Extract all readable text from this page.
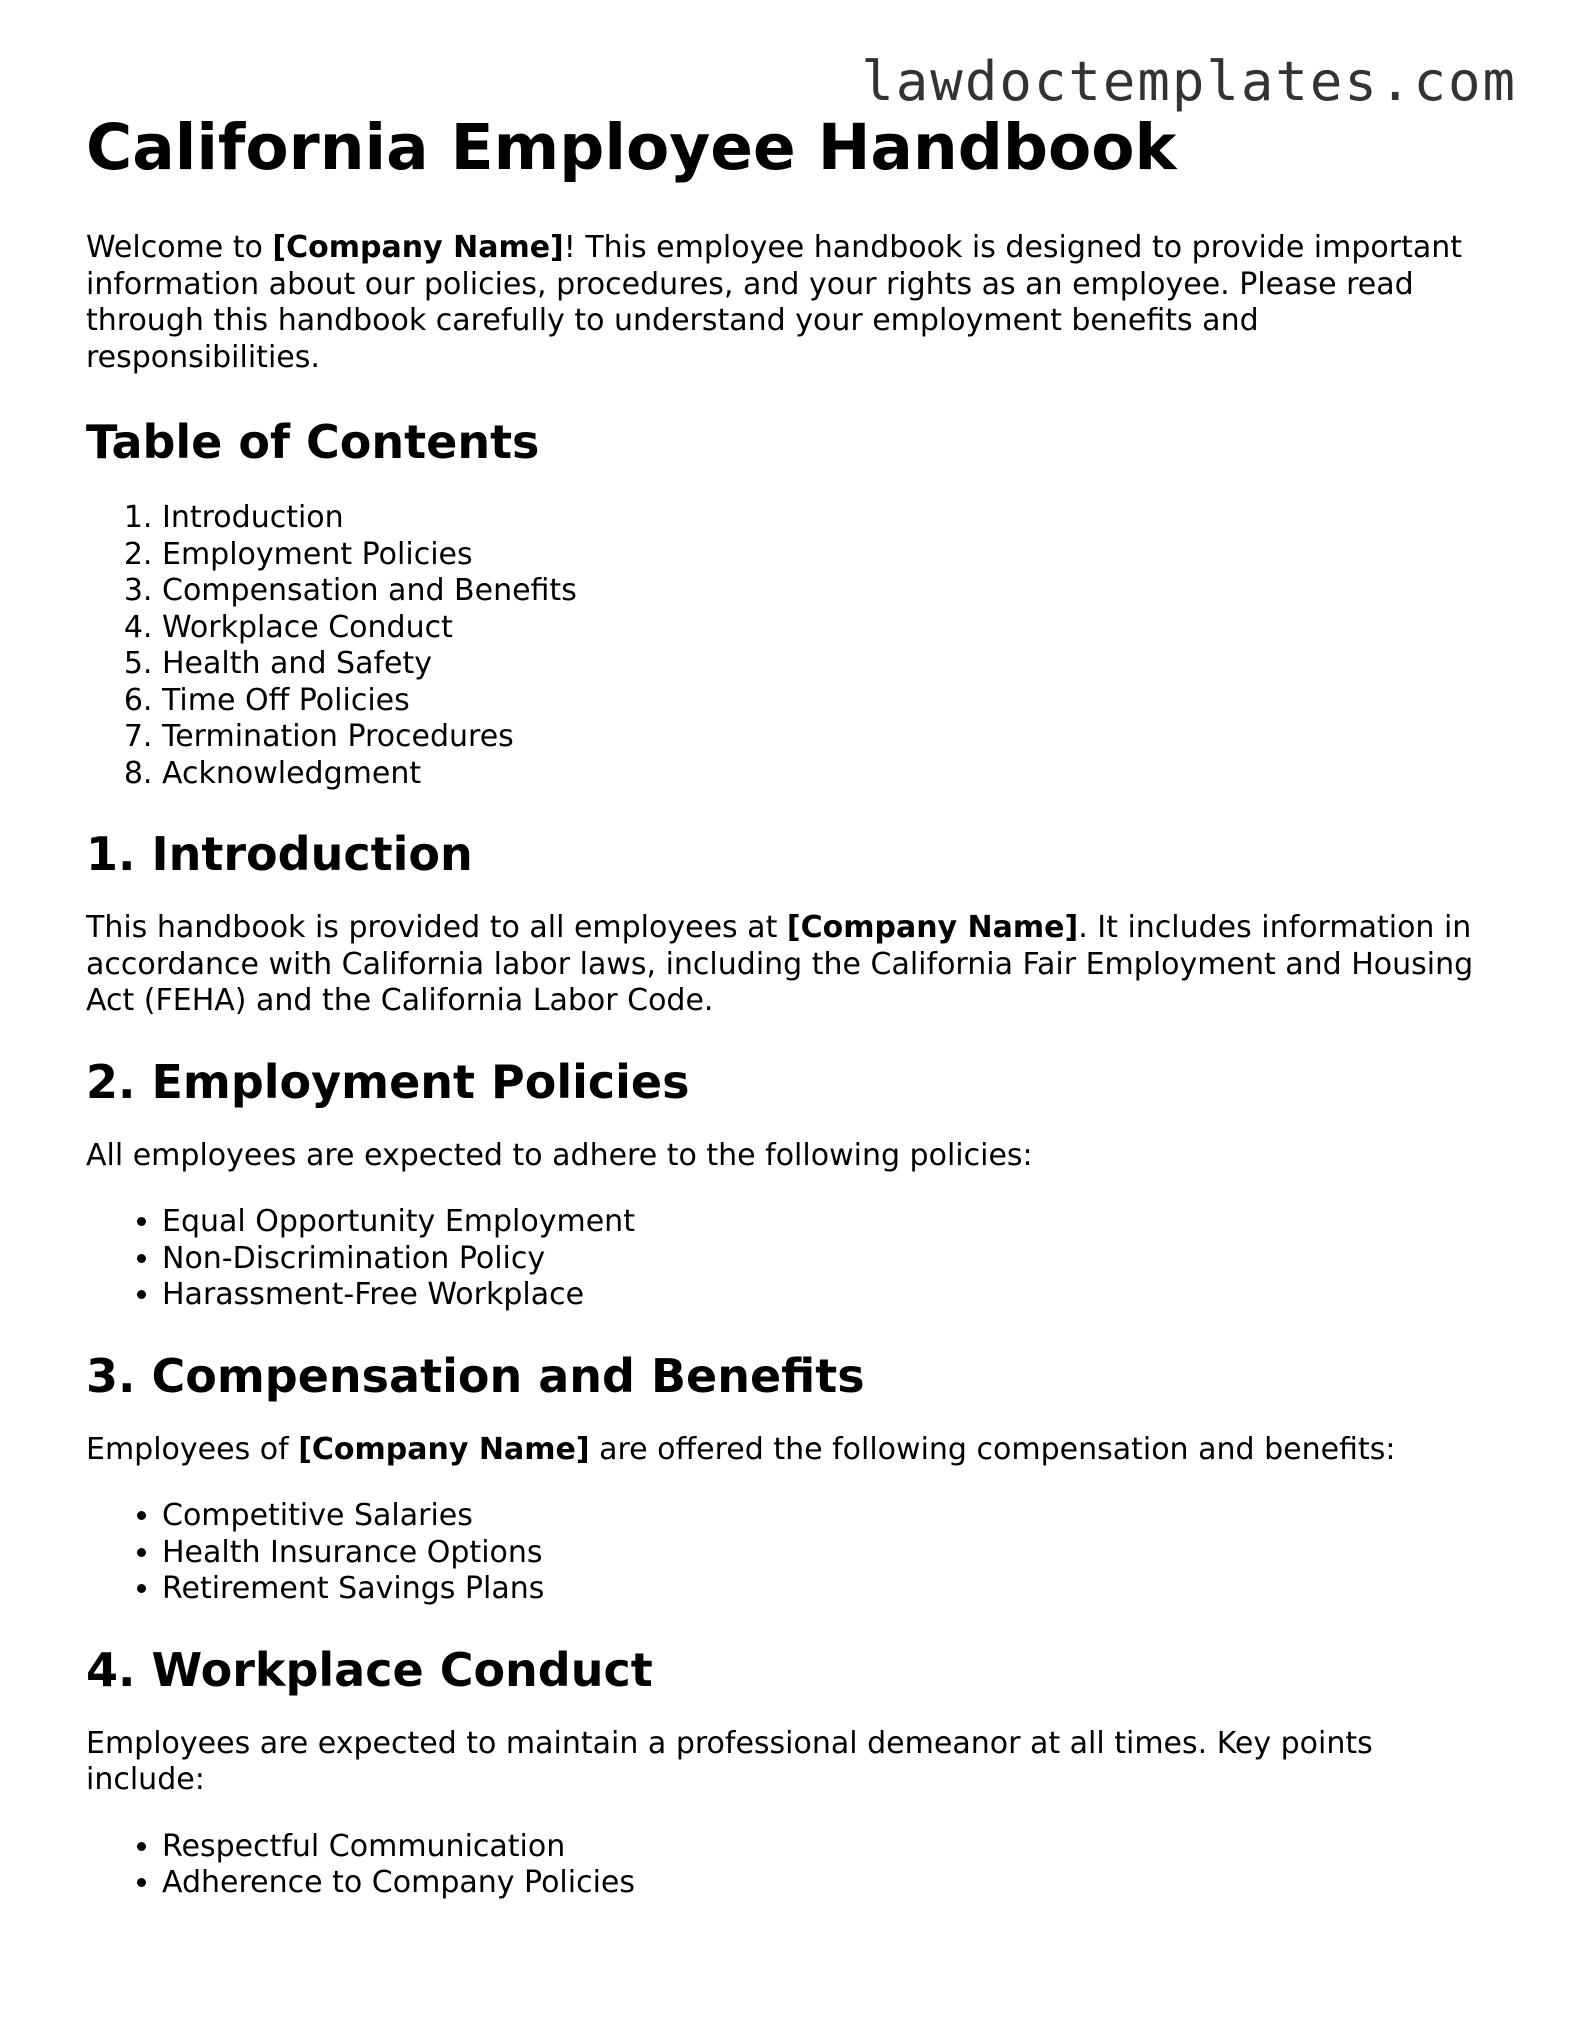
lawdoctemplates.com
California Employee Handbook

Welcome to [Company Name]! This employee handbook is designed to provide important information about our policies, procedures, and your rights as an employee. Please read through this handbook carefully to understand your employment benefits and responsibilities.

Table of Contents
1. Introduction
2. Employment Policies
3. Compensation and Benefits
4. Workplace Conduct
5. Health and Safety
6. Time Off Policies
7. Termination Procedures
8. Acknowledgment
1. Introduction

This handbook is provided to all employees at [Company Name]. It includes information in accordance with California labor laws, including the California Fair Employment and Housing Act (FEHA) and the California Labor Code.

2. Employment Policies

All employees are expected to adhere to the following policies:

• Equal Opportunity Employment
• Non-Discrimination Policy
• Harassment-Free Workplace
3. Compensation and Benefits

Employees of [Company Name] are offered the following compensation and benefits:

• Competitive Salaries
• Health Insurance Options
• Retirement Savings Plans
4. Workplace Conduct

Employees are expected to maintain a professional demeanor at all times. Key points include:

• Respectful Communication
• Adherence to Company Policies
